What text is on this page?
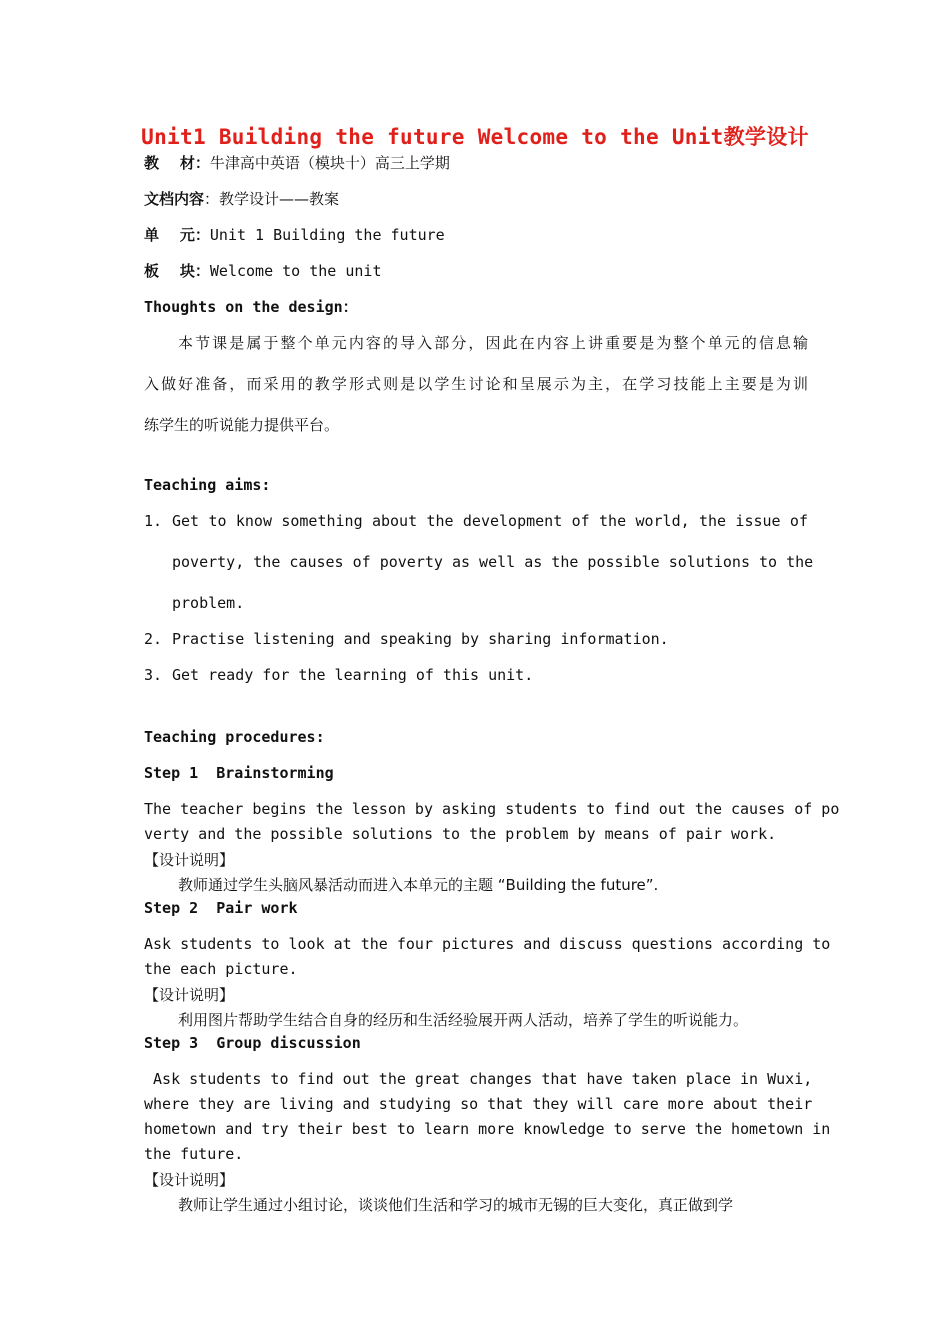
Unit1 Building the future Welcome to the Unit教学设计
教    材：牛津高中英语（模块十）高三上学期
文档内容：教学设计——教案
单    元：Unit 1 Building the future
板    块：Welcome to the unit
Thoughts on the design：
本节课是属于整个单元内容的导入部分，因此在内容上讲重要是为整个单元的信息输
入做好准备，而采用的教学形式则是以学生讨论和呈展示为主，在学习技能上主要是为训
练学生的听说能力提供平台。
Teaching aims:
1. Get to know something about the development of the world, the issue of
poverty, the causes of poverty as well as the possible solutions to the
problem.
2. Practise listening and speaking by sharing information.
3. Get ready for the learning of this unit.
Teaching procedures:
Step 1  Brainstorming
The teacher begins the lesson by asking students to find out the causes of po
verty and the possible solutions to the problem by means of pair work.
【设计说明】
教师通过学生头脑风暴活动而进入本单元的主题 “Building the future”.
Step 2  Pair work
Ask students to look at the four pictures and discuss questions according to
the each picture.
【设计说明】
利用图片帮助学生结合自身的经历和生活经验展开两人活动，培养了学生的听说能力。
Step 3  Group discussion
Ask students to find out the great changes that have taken place in Wuxi,
where they are living and studying so that they will care more about their
hometown and try their best to learn more knowledge to serve the hometown in
the future.
【设计说明】
教师让学生通过小组讨论，谈谈他们生活和学习的城市无锡的巨大变化，真正做到学
